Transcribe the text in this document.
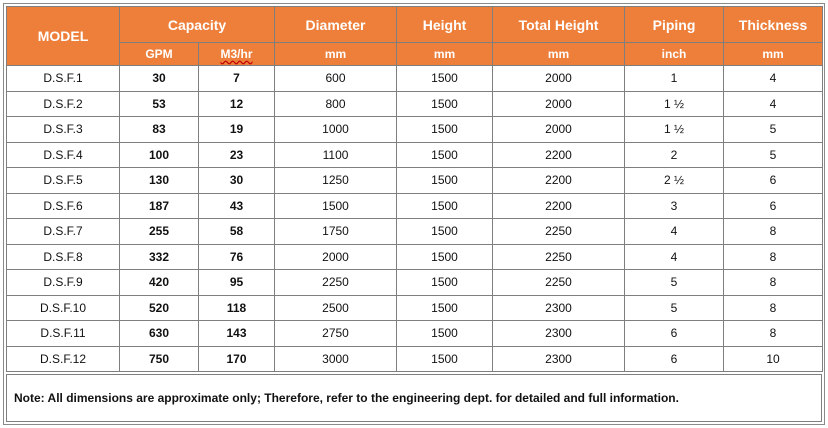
MODEL	Capacity		Diameter	Height	Total Height	Piping	Thickness
	GPM	M3/hr	mm	mm	mm	inch	mm
D.S.F.1	30	7	600	1500	2000	1	4
D.S.F.2	53	12	800	1500	2000	1 ½	4
D.S.F.3	83	19	1000	1500	2000	1 ½	5
D.S.F.4	100	23	1100	1500	2200	2	5
D.S.F.5	130	30	1250	1500	2200	2 ½	6
D.S.F.6	187	43	1500	1500	2200	3	6
D.S.F.7	255	58	1750	1500	2250	4	8
D.S.F.8	332	76	2000	1500	2250	4	8
D.S.F.9	420	95	2250	1500	2250	5	8
D.S.F.10	520	118	2500	1500	2300	5	8
D.S.F.11	630	143	2750	1500	2300	6	8
D.S.F.12	750	170	3000	1500	2300	6	10
Note: All dimensions are approximate only; Therefore, refer to the engineering dept. for detailed and full information.
